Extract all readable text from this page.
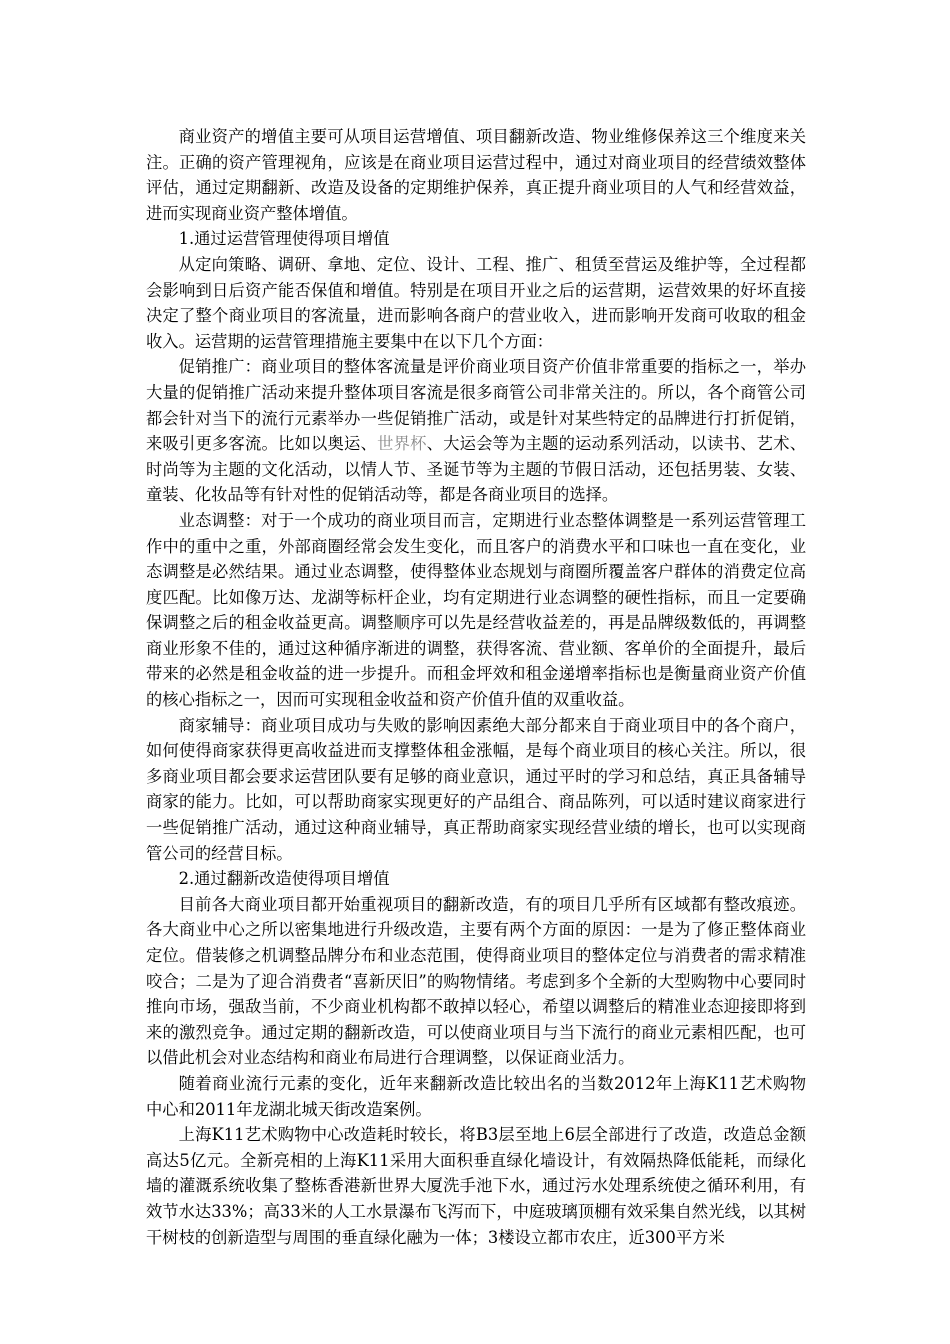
商业资产的增值主要可从项目运营增值、项目翻新改造、物业维修保养这三个维度来关注。正确的资产管理视角，应该是在商业项目运营过程中，通过对商业项目的经营绩效整体评估，通过定期翻新、改造及设备的定期维护保养，真正提升商业项目的人气和经营效益，进而实现商业资产整体增值。

1.通过运营管理使得项目增值

从定向策略、调研、拿地、定位、设计、工程、推广、租赁至营运及维护等，全过程都会影响到日后资产能否保值和增值。特别是在项目开业之后的运营期，运营效果的好坏直接决定了整个商业项目的客流量，进而影响各商户的营业收入，进而影响开发商可收取的租金收入。运营期的运营管理措施主要集中在以下几个方面：

促销推广：商业项目的整体客流量是评价商业项目资产价值非常重要的指标之一，举办大量的促销推广活动来提升整体项目客流是很多商管公司非常关注的。所以，各个商管公司都会针对当下的流行元素举办一些促销推广活动，或是针对某些特定的品牌进行打折促销，来吸引更多客流。比如以奥运、世界杯、大运会等为主题的运动系列活动，以读书、艺术、时尚等为主题的文化活动，以情人节、圣诞节等为主题的节假日活动，还包括男装、女装、童装、化妆品等有针对性的促销活动等，都是各商业项目的选择。

业态调整：对于一个成功的商业项目而言，定期进行业态整体调整是一系列运营管理工作中的重中之重，外部商圈经常会发生变化，而且客户的消费水平和口味也一直在变化，业态调整是必然结果。通过业态调整，使得整体业态规划与商圈所覆盖客户群体的消费定位高度匹配。比如像万达、龙湖等标杆企业，均有定期进行业态调整的硬性指标，而且一定要确保调整之后的租金收益更高。调整顺序可以先是经营收益差的，再是品牌级数低的，再调整商业形象不佳的，通过这种循序渐进的调整，获得客流、营业额、客单价的全面提升，最后带来的必然是租金收益的进一步提升。而租金坪效和租金递增率指标也是衡量商业资产价值的核心指标之一，因而可实现租金收益和资产价值升值的双重收益。

商家辅导：商业项目成功与失败的影响因素绝大部分都来自于商业项目中的各个商户，如何使得商家获得更高收益进而支撑整体租金涨幅，是每个商业项目的核心关注。所以，很多商业项目都会要求运营团队要有足够的商业意识，通过平时的学习和总结，真正具备辅导商家的能力。比如，可以帮助商家实现更好的产品组合、商品陈列，可以适时建议商家进行一些促销推广活动，通过这种商业辅导，真正帮助商家实现经营业绩的增长，也可以实现商管公司的经营目标。

2.通过翻新改造使得项目增值

目前各大商业项目都开始重视项目的翻新改造，有的项目几乎所有区域都有整改痕迹。各大商业中心之所以密集地进行升级改造，主要有两个方面的原因：一是为了修正整体商业定位。借装修之机调整品牌分布和业态范围，使得商业项目的整体定位与消费者的需求精准咬合；二是为了迎合消费者“喜新厌旧”的购物情绪。考虑到多个全新的大型购物中心要同时推向市场，强敌当前，不少商业机构都不敢掉以轻心，希望以调整后的精准业态迎接即将到来的激烈竞争。通过定期的翻新改造，可以使商业项目与当下流行的商业元素相匹配，也可以借此机会对业态结构和商业布局进行合理调整，以保证商业活力。

随着商业流行元素的变化，近年来翻新改造比较出名的当数2012年上海K11艺术购物中心和2011年龙湖北城天街改造案例。

上海K11艺术购物中心改造耗时较长，将B3层至地上6层全部进行了改造，改造总金额高达5亿元。全新亮相的上海K11采用大面积垂直绿化墙设计，有效隔热降低能耗，而绿化墙的灌溉系统收集了整栋香港新世界大厦洗手池下水，通过污水处理系统使之循环利用，有效节水达33%；高33米的人工水景瀑布飞泻而下，中庭玻璃顶棚有效采集自然光线，以其树干树枝的创新造型与周围的垂直绿化融为一体；3楼设立都市农庄，近300平方米
